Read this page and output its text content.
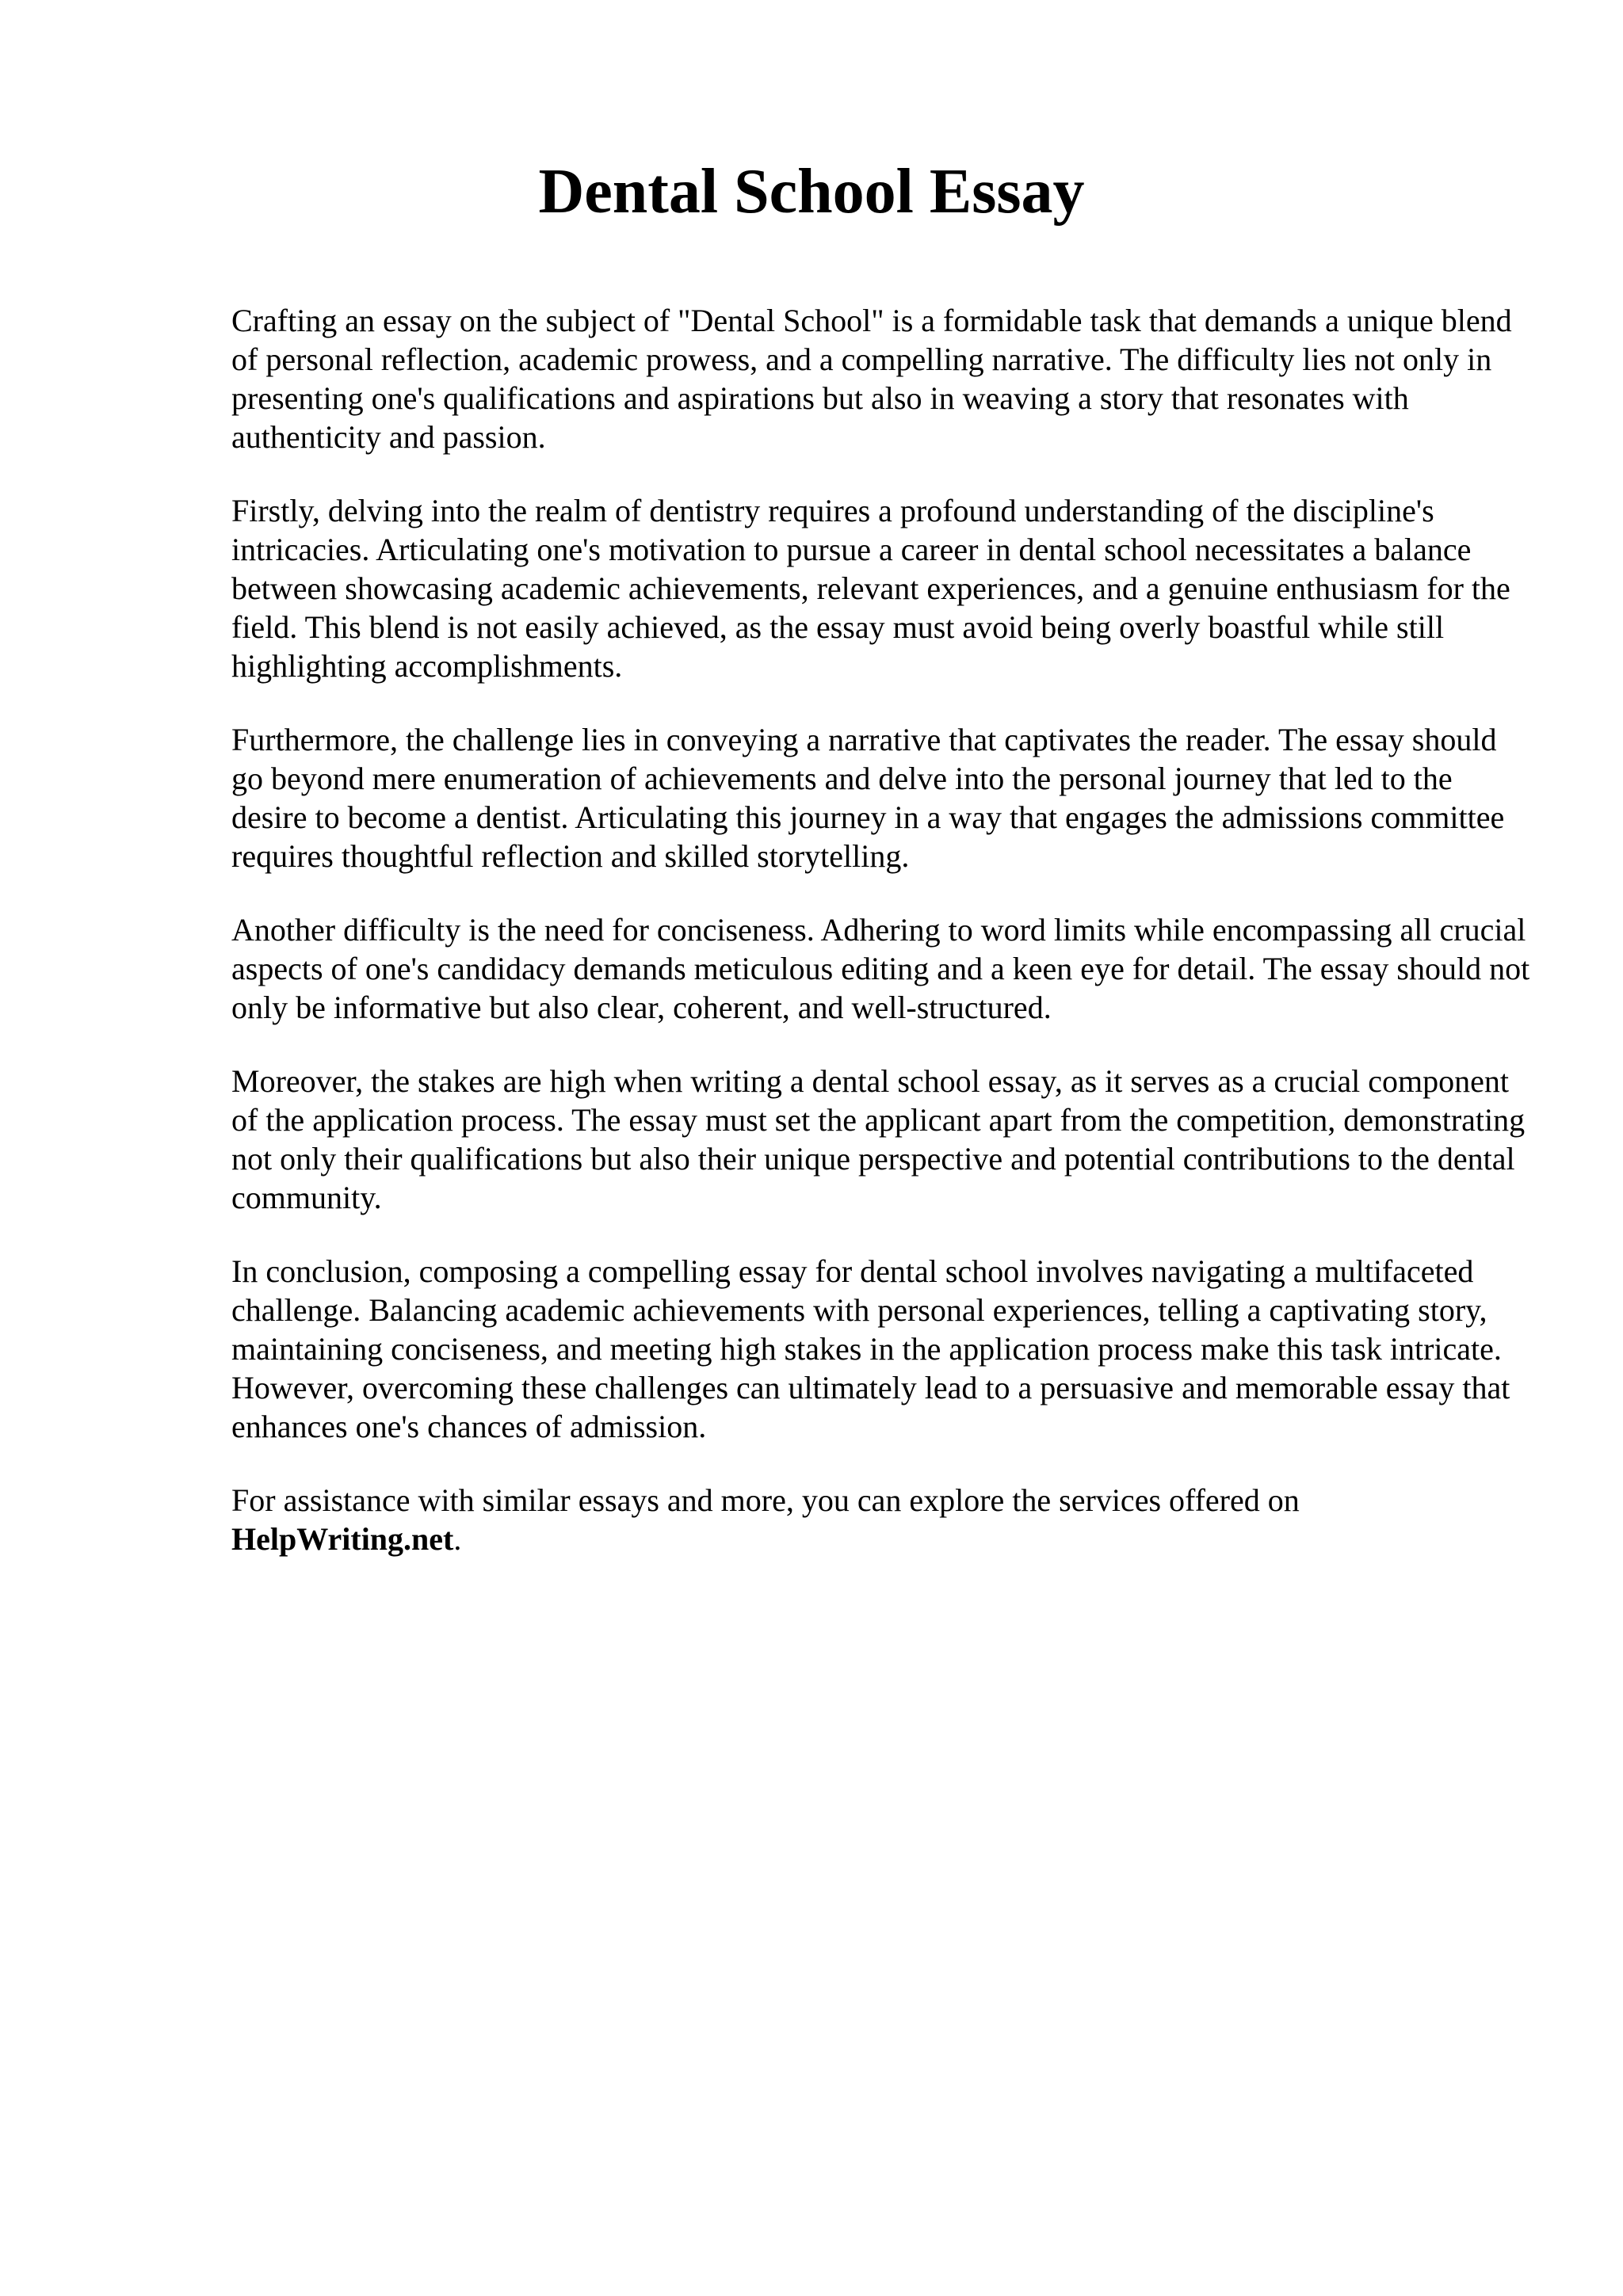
Dental School Essay

Crafting an essay on the subject of "Dental School" is a formidable task that demands a unique blend of personal reflection, academic prowess, and a compelling narrative. The difficulty lies not only in presenting one's qualifications and aspirations but also in weaving a story that resonates with authenticity and passion.

Firstly, delving into the realm of dentistry requires a profound understanding of the discipline's intricacies. Articulating one's motivation to pursue a career in dental school necessitates a balance between showcasing academic achievements, relevant experiences, and a genuine enthusiasm for the field. This blend is not easily achieved, as the essay must avoid being overly boastful while still highlighting accomplishments.

Furthermore, the challenge lies in conveying a narrative that captivates the reader. The essay should go beyond mere enumeration of achievements and delve into the personal journey that led to the desire to become a dentist. Articulating this journey in a way that engages the admissions committee requires thoughtful reflection and skilled storytelling.

Another difficulty is the need for conciseness. Adhering to word limits while encompassing all crucial aspects of one's candidacy demands meticulous editing and a keen eye for detail. The essay should not only be informative but also clear, coherent, and well-structured.

Moreover, the stakes are high when writing a dental school essay, as it serves as a crucial component of the application process. The essay must set the applicant apart from the competition, demonstrating not only their qualifications but also their unique perspective and potential contributions to the dental community.

In conclusion, composing a compelling essay for dental school involves navigating a multifaceted challenge. Balancing academic achievements with personal experiences, telling a captivating story, maintaining conciseness, and meeting high stakes in the application process make this task intricate. However, overcoming these challenges can ultimately lead to a persuasive and memorable essay that enhances one's chances of admission.

For assistance with similar essays and more, you can explore the services offered on
HelpWriting.net.
